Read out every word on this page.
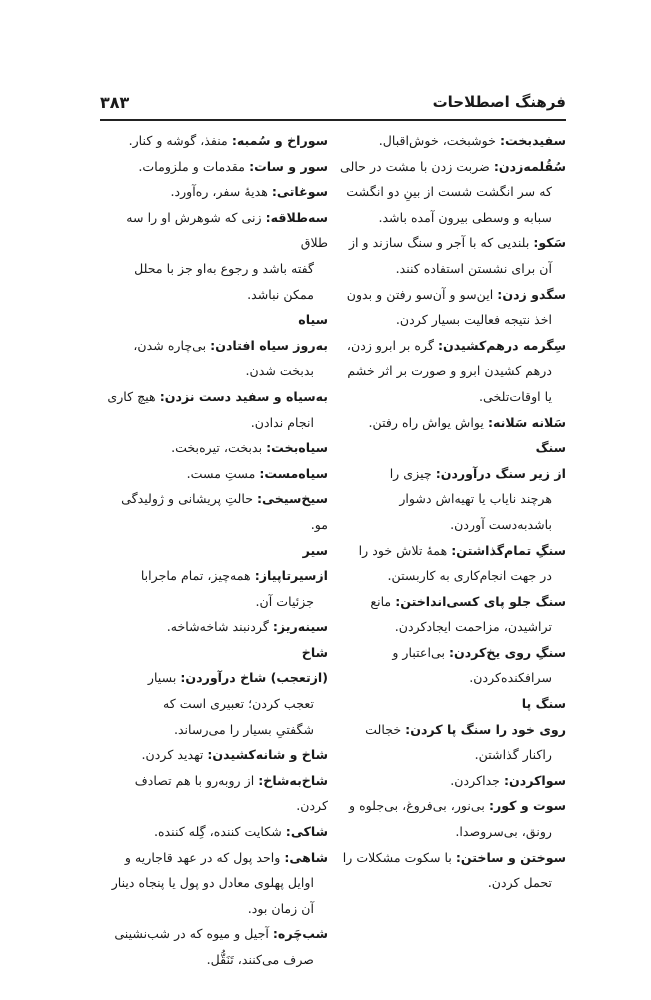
فرهنگ اصطلاحات
۳۸۳
سفیدبخت: خوشبخت، خوش‌اقبال.
سُقُلمه‌زدن: ضربت زدن با مشت در حالی
که سر انگشت شست از بینِ دو انگشت
سبابه و وسطی بیرون آمده باشد.
سَکو: بلندیی که با آجر و سنگ سازند و از
آن برای نشستن استفاده کنند.
سگدو زدن: این‌سو و آن‌سو رفتن و بدون
اخذ نتیجه فعالیت بسیار کردن.
سِگرمه درهم‌کشیدن: گره بر ابرو زدن،
درهم کشیدن ابرو و صورت بر اثر خشم
یا اوقات‌تلخی.
سَلانه سَلانه: یواش یواش راه رفتن.
سنگ
از زیر سنگ درآوردن: چیزی را
هرچند نایاب یا تهیه‌اش دشوار
باشدبه‌دست آوردن.
سنگِ تمام‌گذاشتن: همهٔ تلاش خود را
در جهت انجام‌کاری به کاربستن.
سنگ جلو پای کسی‌انداختن: مانع
تراشیدن، مزاحمت ایجادکردن.
سنگِ روی یخ‌کردن: بی‌اعتبار و
سرافکنده‌کردن.
سنگ پا
روی خود را سنگ پا کردن: خجالت
راکنار گذاشتن.
سواکردن: جداکردن.
سوت و کور: بی‌نور، بی‌فروغ، بی‌جلوه و
رونق، بی‌سروصدا.
سوختن و ساختن: با سکوت مشکلات را
تحمل کردن.
سوراخ و سُمبه: منفذ، گوشه و کنار.
سور و سات: مقدمات و ملزومات.
سوغاتی: هدیهٔ سفر، ره‌آورد.
سه‌طلاقه: زنی که شوهرش او را سه طلاق
گفته باشد و رجوع به‌او جز با محلل
ممکن نباشد.
سیاه
به‌روز سیاه افتادن: بی‌چاره شدن،
بدبخت شدن.
به‌سیاه و سفید دست نزدن: هیچ کاری
انجام ندادن.
سیاه‌بخت: بدبخت، تیره‌بخت.
سیاه‌مست: مستِ مست.
سیخ‌سیخی: حالتِ پریشانی و ژولیدگی مو.
سیر
ازسیرتاپیاز: همه‌چیز، تمام ماجرابا
جزئیات آن.
سینه‌ریز: گردنبند شاخه‌شاخه.
شاخ
(از‌تعجب) شاخ درآوردن: بسیار
تعجب کردن؛ تعبیری است که
شگفتیِ بسیار را می‌رساند.
شاخ و شانه‌کشیدن: تهدید کردن.
شاخ‌به‌شاخ: از روبه‌رو با هم تصادف کردن.
شاکی: شکایت کننده، گِله کننده.
شاهی: واحد پول که در عهد قاجاریه و
اوایل پهلوی معادل دو پول یا پنجاه دینار
آن زمان بود.
شب‌چَره: آجیل و میوه که در شب‌نشینی
صرف می‌کنند، تَنَقُّل.
